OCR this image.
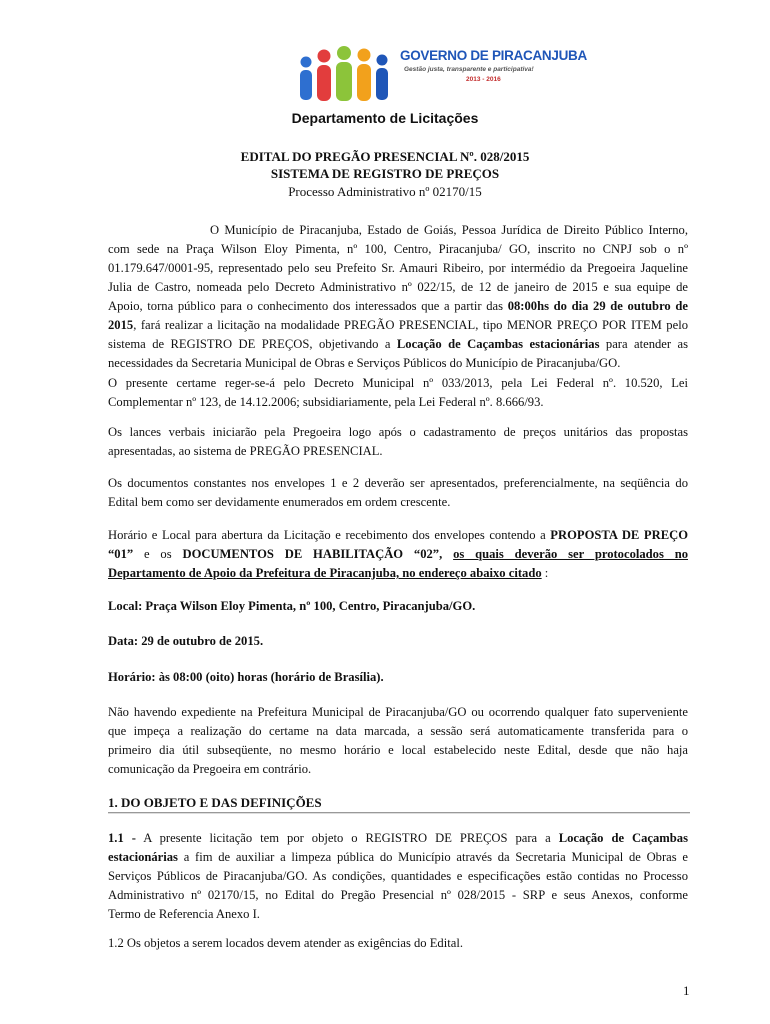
GOVERNO DE PIRACANJUBA
Gestão justa, transparente e participativa!
2013 - 2016
Departamento de Licitações
EDITAL DO PREGÃO PRESENCIAL Nº. 028/2015
SISTEMA DE REGISTRO DE PREÇOS
Processo Administrativo nº 02170/15
O Município de Piracanjuba, Estado de Goiás, Pessoa Jurídica de Direito Público Interno,
com sede na Praça Wilson Eloy Pimenta, nº 100, Centro, Piracanjuba/ GO, inscrito no CNPJ sob o nº
01.179.647/0001-95, representado pelo seu Prefeito Sr. Amauri Ribeiro, por intermédio da Pregoeira Jaqueline
Julia de Castro, nomeada pelo Decreto Administrativo nº 022/15, de 12 de janeiro de 2015 e sua equipe de
Apoio, torna público para o conhecimento dos interessados que a partir das 08:00hs do dia 29 de outubro de
2015, fará realizar a licitação na modalidade PREGÃO PRESENCIAL, tipo MENOR PREÇO POR ITEM pelo
sistema de REGISTRO DE PREÇOS, objetivando a Locação de Caçambas estacionárias para atender as
necessidades da Secretaria Municipal de Obras e Serviços Públicos do Município de Piracanjuba/GO.
O presente certame reger-se-á pelo Decreto Municipal nº 033/2013, pela Lei Federal nº. 10.520, Lei
Complementar nº 123, de 14.12.2006; subsidiariamente, pela Lei Federal nº. 8.666/93.
Os lances verbais iniciarão pela Pregoeira logo após o cadastramento de preços unitários das propostas
apresentadas, ao sistema de PREGÃO PRESENCIAL.
Os documentos constantes nos envelopes 1 e 2 deverão ser apresentados, preferencialmente, na seqüência do
Edital bem como ser devidamente enumerados em ordem crescente.
Horário e Local para abertura da Licitação e recebimento dos envelopes contendo a PROPOSTA DE PREÇO
“01” e os DOCUMENTOS DE HABILITAÇÃO “02”, os quais deverão ser protocolados no
Departamento de Apoio da Prefeitura de Piracanjuba, no endereço abaixo citado :
Local: Praça Wilson Eloy Pimenta, nº 100, Centro, Piracanjuba/GO.
Data: 29 de outubro de 2015.
Horário: às 08:00 (oito) horas (horário de Brasília).
Não havendo expediente na Prefeitura Municipal de Piracanjuba/GO ou ocorrendo qualquer fato superveniente
que impeça a realização do certame na data marcada, a sessão será automaticamente transferida para o
primeiro dia útil subseqüente, no mesmo horário e local estabelecido neste Edital, desde que não haja
comunicação da Pregoeira em contrário.
1. DO OBJETO E DAS DEFINIÇÕES
1.1 - A presente licitação tem por objeto o REGISTRO DE PREÇOS para a Locação de Caçambas
estacionárias a fim de auxiliar a limpeza pública do Município através da Secretaria Municipal de Obras e
Serviços Públicos de Piracanjuba/GO. As condições, quantidades e especificações estão contidas no Processo
Administrativo nº 02170/15, no Edital do Pregão Presencial nº 028/2015 - SRP e seus Anexos, conforme
Termo de Referencia Anexo I.
1.2 Os objetos a serem locados devem atender as exigências do Edital.
1
